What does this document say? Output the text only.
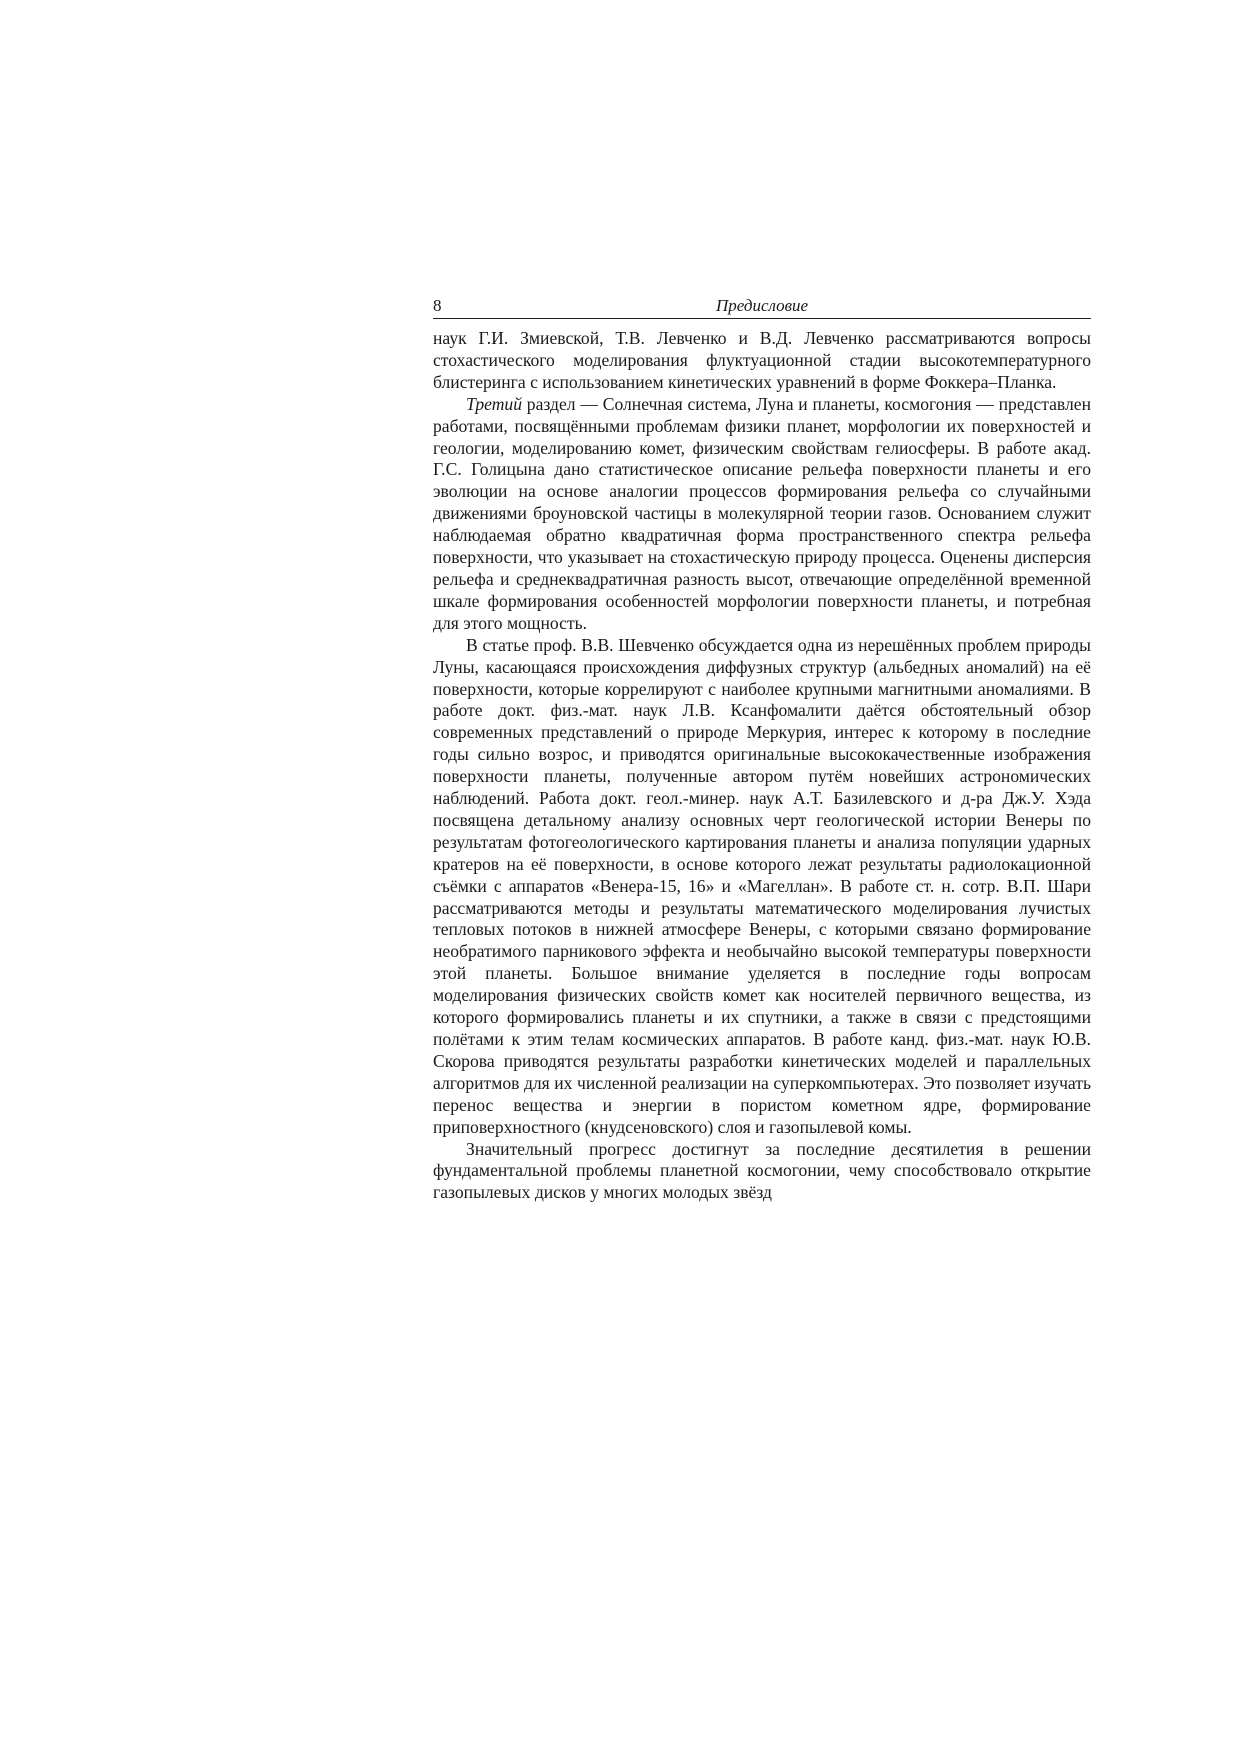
8	Предисловие

наук Г.И. Змиевской, Т.В. Левченко и В.Д. Левченко рассматриваются вопросы стохастического моделирования флуктуационной стадии высокотемпературного блистеринга с использованием кинетических уравнений в форме Фоккера–Планка.

Третий раздел — Солнечная система, Луна и планеты, космогония — представлен работами, посвящёнными проблемам физики планет, морфологии их поверхностей и геологии, моделированию комет, физическим свойствам гелиосферы. В работе акад. Г.С. Голицына дано статистическое описание рельефа поверхности планеты и его эволюции на основе аналогии процессов формирования рельефа со случайными движениями броуновской частицы в молекулярной теории газов. Основанием служит наблюдаемая обратно квадратичная форма пространственного спектра рельефа поверхности, что указывает на стохастическую природу процесса. Оценены дисперсия рельефа и среднеквадратичная разность высот, отвечающие определённой временной шкале формирования особенностей морфологии поверхности планеты, и потребная для этого мощность.

В статье проф. В.В. Шевченко обсуждается одна из нерешённых проблем природы Луны, касающаяся происхождения диффузных структур (альбедных аномалий) на её поверхности, которые коррелируют с наиболее крупными магнитными аномалиями. В работе докт. физ.-мат. наук Л.В. Ксанфомалити даётся обстоятельный обзор современных представлений о природе Меркурия, интерес к которому в последние годы сильно возрос, и приводятся оригинальные высококачественные изображения поверхности планеты, полученные автором путём новейших астрономических наблюдений. Работа докт. геол.-минер. наук А.Т. Базилевского и д-ра Дж.У. Хэда посвящена детальному анализу основных черт геологической истории Венеры по результатам фотогеологического картирования планеты и анализа популяции ударных кратеров на её поверхности, в основе которого лежат результаты радиолокационной съёмки с аппаратов «Венера-15, 16» и «Магеллан». В работе ст. н. сотр. В.П. Шари рассматриваются методы и результаты математического моделирования лучистых тепловых потоков в нижней атмосфере Венеры, с которыми связано формирование необратимого парникового эффекта и необычайно высокой температуры поверхности этой планеты. Большое внимание уделяется в последние годы вопросам моделирования физических свойств комет как носителей первичного вещества, из которого формировались планеты и их спутники, а также в связи с предстоящими полётами к этим телам космических аппаратов. В работе канд. физ.-мат. наук Ю.В. Скорова приводятся результаты разработки кинетических моделей и параллельных алгоритмов для их численной реализации на суперкомпьютерах. Это позволяет изучать перенос вещества и энергии в пористом кометном ядре, формирование приповерхностного (кнудсеновского) слоя и газопылевой комы.

Значительный прогресс достигнут за последние десятилетия в решении фундаментальной проблемы планетной космогонии, чему способствовало открытие газопылевых дисков у многих молодых звёзд
